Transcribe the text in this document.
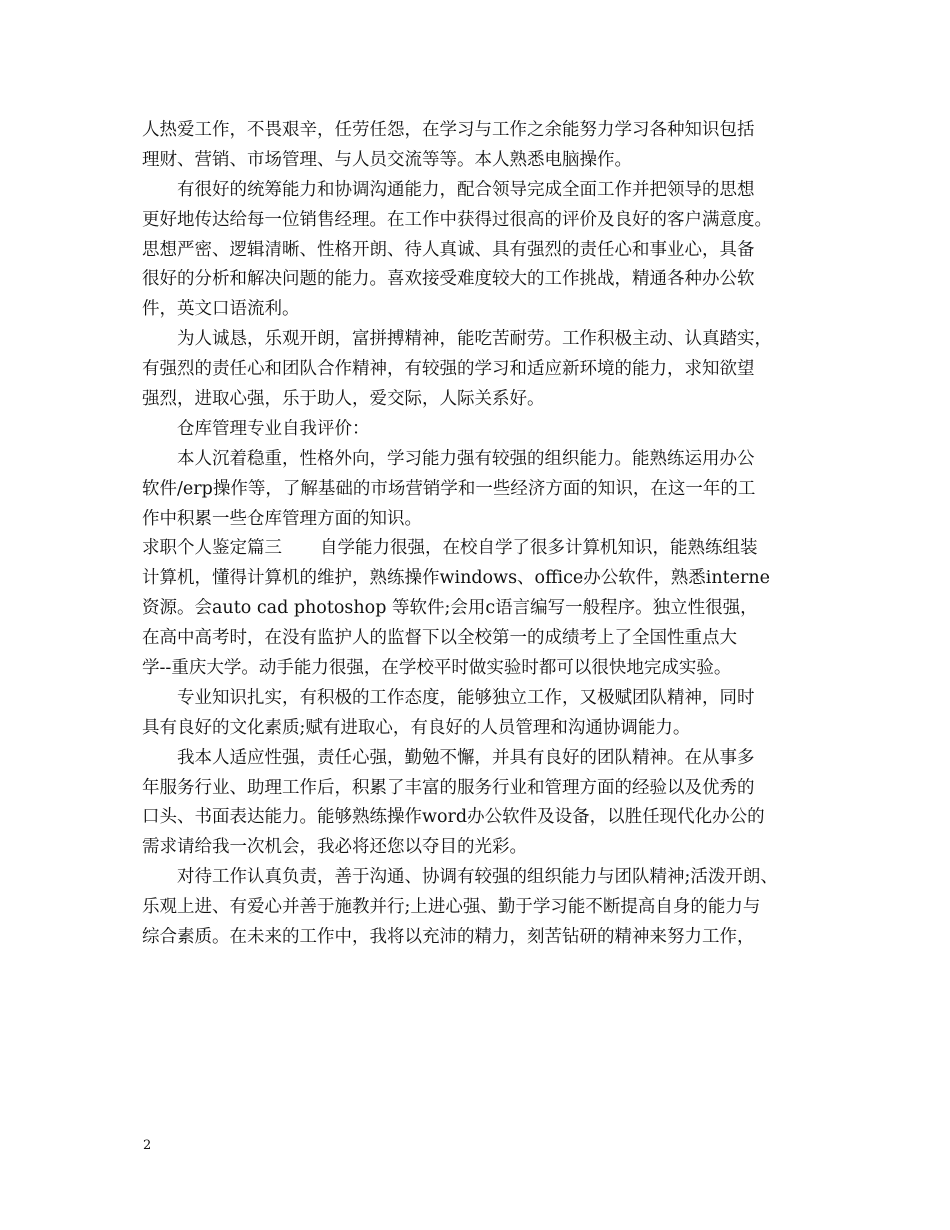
人热爱工作，不畏艰辛，任劳任怨，在学习与工作之余能努力学习各种知识包括
理财、营销、市场管理、与人员交流等等。本人熟悉电脑操作。
有很好的统筹能力和协调沟通能力，配合领导完成全面工作并把领导的思想
更好地传达给每一位销售经理。在工作中获得过很高的评价及良好的客户满意度。
思想严密、逻辑清晰、性格开朗、待人真诚、具有强烈的责任心和事业心，具备
很好的分析和解决问题的能力。喜欢接受难度较大的工作挑战，精通各种办公软
件，英文口语流利。
为人诚恳，乐观开朗，富拼搏精神，能吃苦耐劳。工作积极主动、认真踏实，
有强烈的责任心和团队合作精神，有较强的学习和适应新环境的能力，求知欲望
强烈，进取心强，乐于助人，爱交际，人际关系好。
仓库管理专业自我评价：
本人沉着稳重，性格外向，学习能力强有较强的组织能力。能熟练运用办公
软件/erp操作等，了解基础的市场营销学和一些经济方面的知识，在这一年的工
作中积累一些仓库管理方面的知识。
求职个人鉴定篇三 自学能力很强，在校自学了很多计算机知识，能熟练组装
计算机，懂得计算机的维护，熟练操作windows、office办公软件，熟悉interne
资源。会auto cad photoshop 等软件;会用c语言编写一般程序。独立性很强，
在高中高考时，在没有监护人的监督下以全校第一的成绩考上了全国性重点大
学--重庆大学。动手能力很强，在学校平时做实验时都可以很快地完成实验。
专业知识扎实，有积极的工作态度，能够独立工作，又极赋团队精神，同时
具有良好的文化素质;赋有进取心，有良好的人员管理和沟通协调能力。
我本人适应性强，责任心强，勤勉不懈，并具有良好的团队精神。在从事多
年服务行业、助理工作后，积累了丰富的服务行业和管理方面的经验以及优秀的
口头、书面表达能力。能够熟练操作word办公软件及设备，以胜任现代化办公的
需求请给我一次机会，我必将还您以夺目的光彩。
对待工作认真负责，善于沟通、协调有较强的组织能力与团队精神;活泼开朗、
乐观上进、有爱心并善于施教并行;上进心强、勤于学习能不断提高自身的能力与
综合素质。在未来的工作中，我将以充沛的精力，刻苦钻研的精神来努力工作，
2
